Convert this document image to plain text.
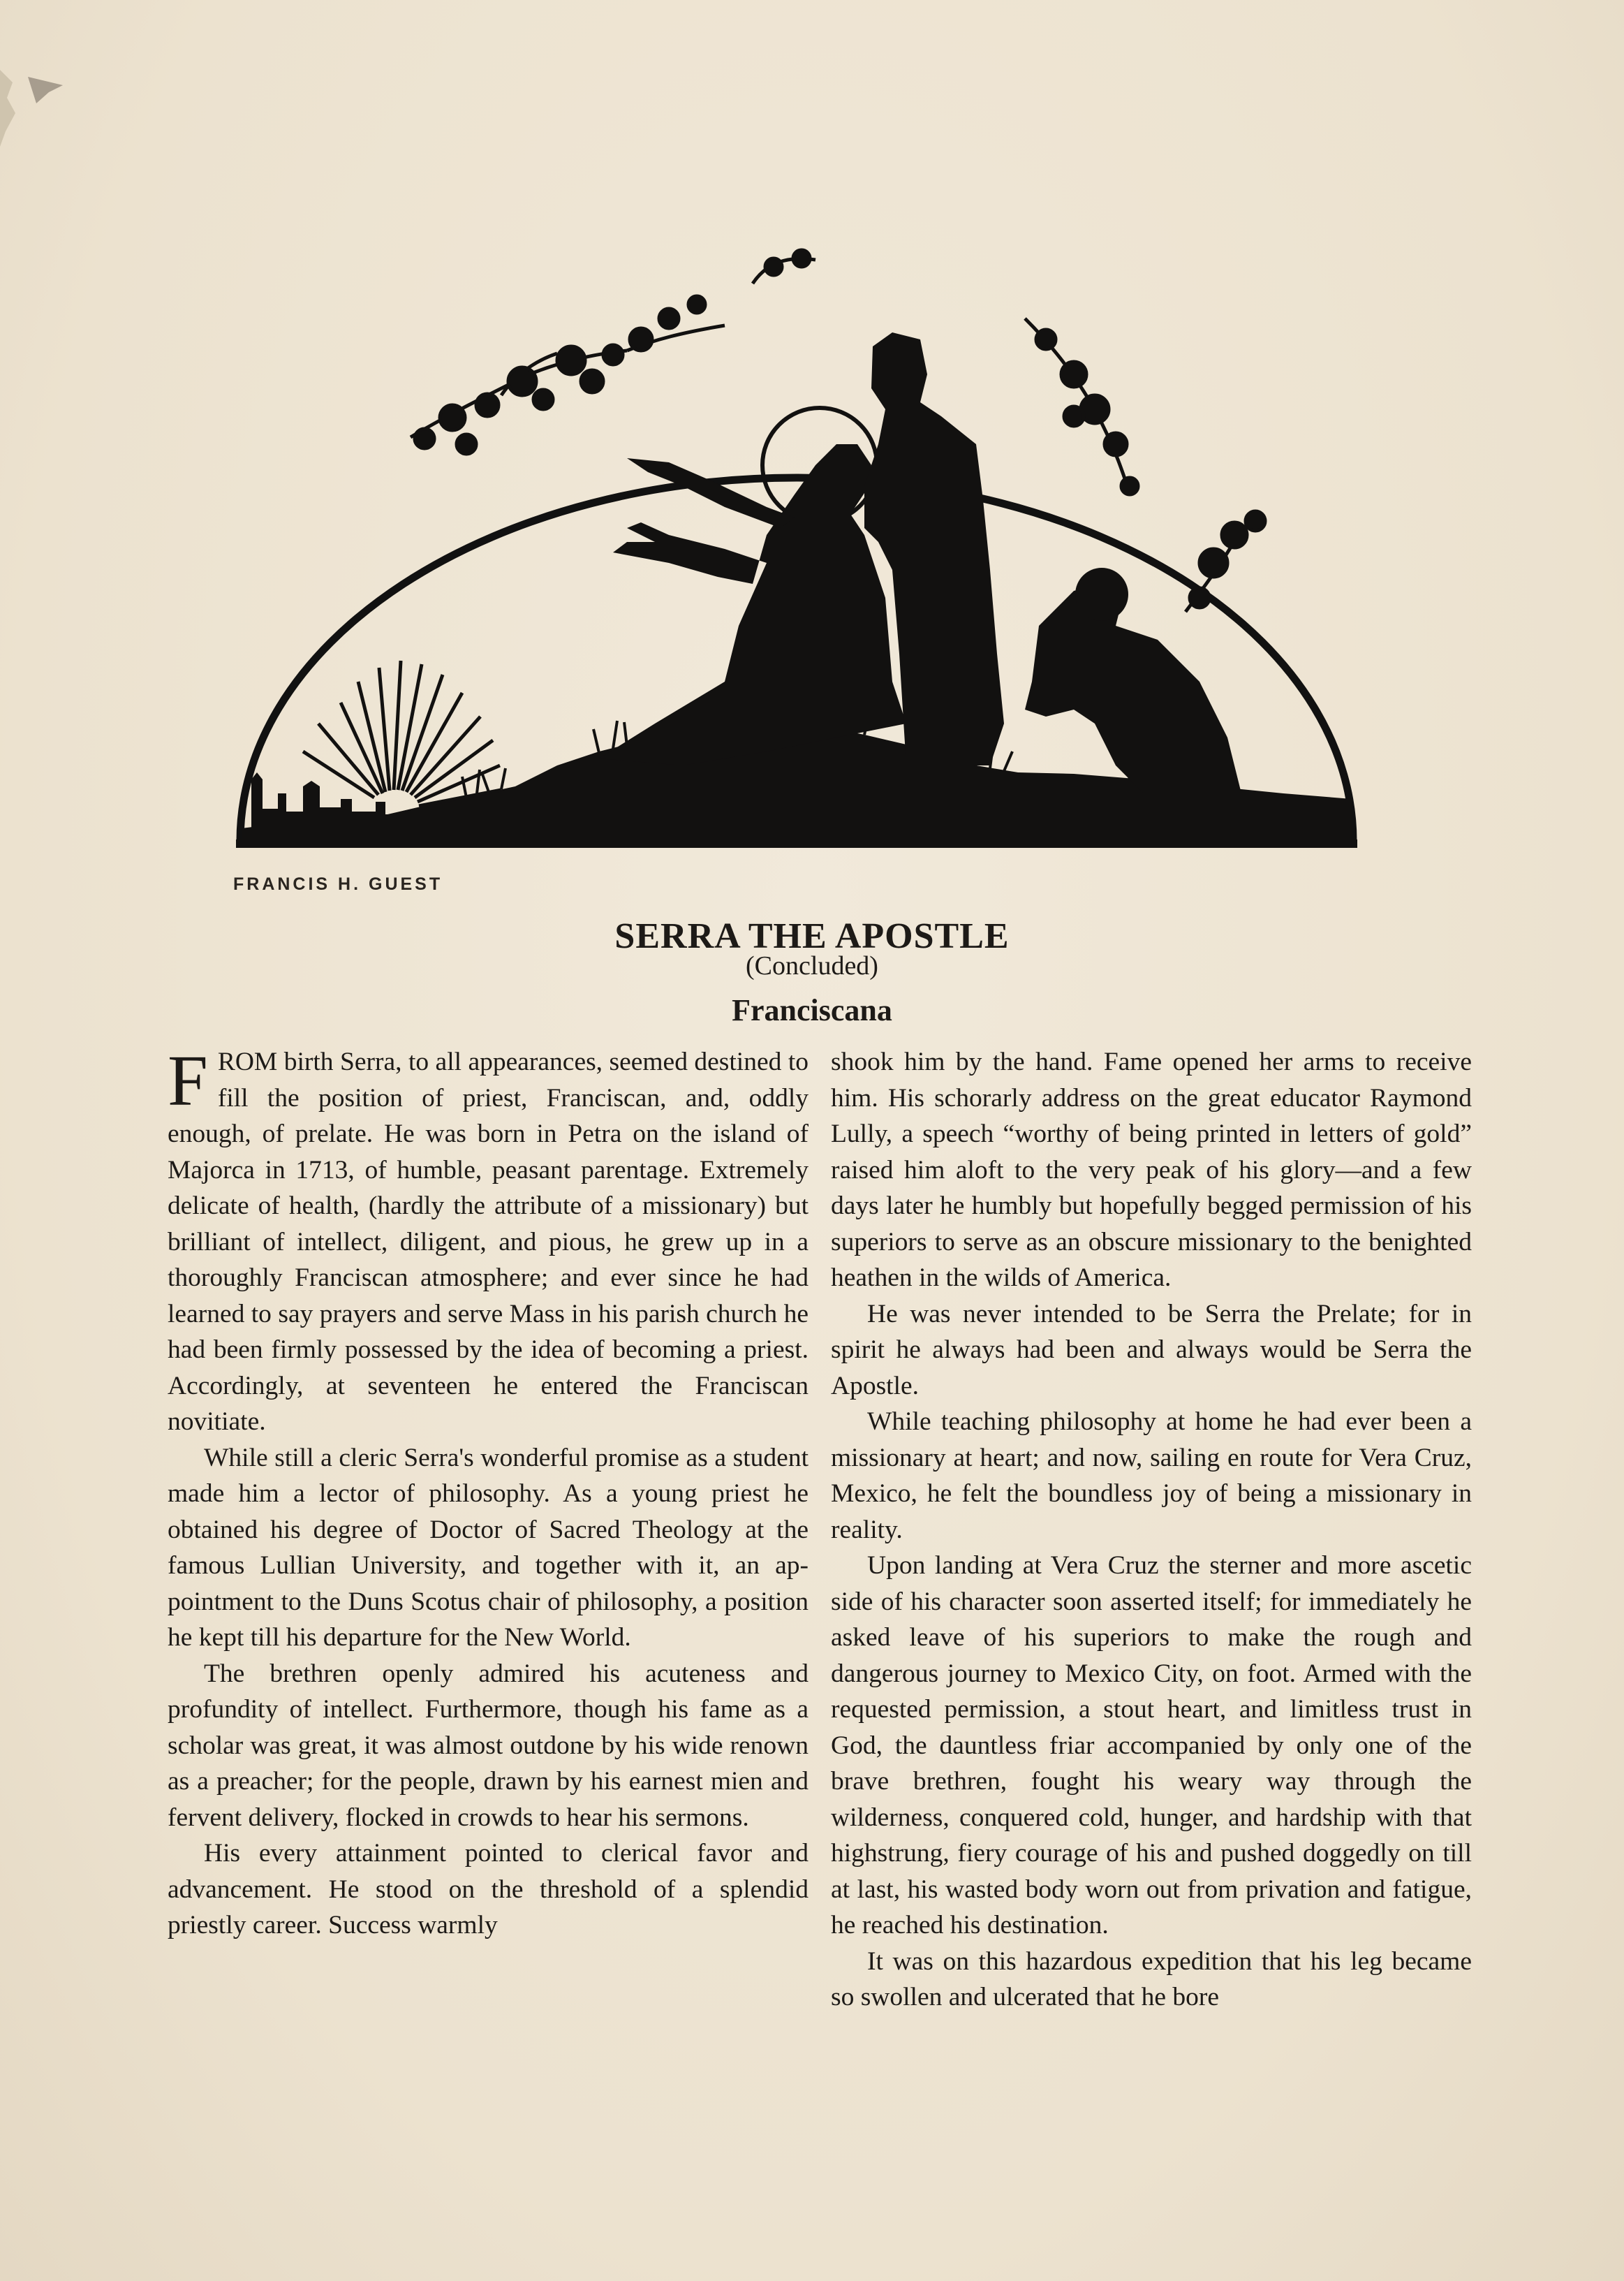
FRANCIS H. GUEST
SERRA THE APOSTLE
(Concluded)
Franciscana

FROM birth Serra, to all appearances, seemed destined to fill the position of priest, Franciscan, and, oddly enough, of prelate. He was born in Petra on the island of Majorca in 1713, of humble, peasant parentage. Extremely delicate of health, (hardly the attribute of a missionary) but brilliant of intellect, diligent, and pious, he grew up in a thoroughly Franciscan atmosphere; and ever since he had learned to say prayers and serve Mass in his parish church he had been firmly possessed by the idea of becoming a priest. Accordingly, at seventeen he entered the Franciscan novitiate.

While still a cleric Serra's wonderful promise as a student made him a lector of philosophy. As a young priest he obtained his degree of Doctor of Sacred Theology at the famous Lullian University, and together with it, an appointment to the Duns Scotus chair of philosophy, a position he kept till his departure for the New World.

The brethren openly admired his acuteness and profundity of intellect. Furthermore, though his fame as a scholar was great, it was almost outdone by his wide renown as a preacher; for the people, drawn by his earnest mien and fervent delivery, flocked in crowds to hear his sermons.

His every attainment pointed to clerical favor and advancement. He stood on the threshold of a splendid priestly career. Success warmly

shook him by the hand. Fame opened her arms to receive him. His schorarly address on the great educator Raymond Lully, a speech “worthy of being printed in letters of gold” raised him aloft to the very peak of his glory—and a few days later he humbly but hopefully begged permission of his superiors to serve as an obscure missionary to the benighted heathen in the wilds of America.

He was never intended to be Serra the Prelate; for in spirit he always had been and always would be Serra the Apostle.

While teaching philosophy at home he had ever been a missionary at heart; and now, sailing en route for Vera Cruz, Mexico, he felt the boundless joy of being a missionary in reality.

Upon landing at Vera Cruz the sterner and more ascetic side of his character soon asserted itself; for immediately he asked leave of his superiors to make the rough and dangerous journey to Mexico City, on foot. Armed with the requested permission, a stout heart, and limitless trust in God, the dauntless friar accompanied by only one of the brave brethren, fought his weary way through the wilderness, conquered cold, hunger, and hardship with that highstrung, fiery courage of his and pushed doggedly on till at last, his wasted body worn out from privation and fatigue, he reached his destination.

It was on this hazardous expedition that his leg became so swollen and ulcerated that he bore
